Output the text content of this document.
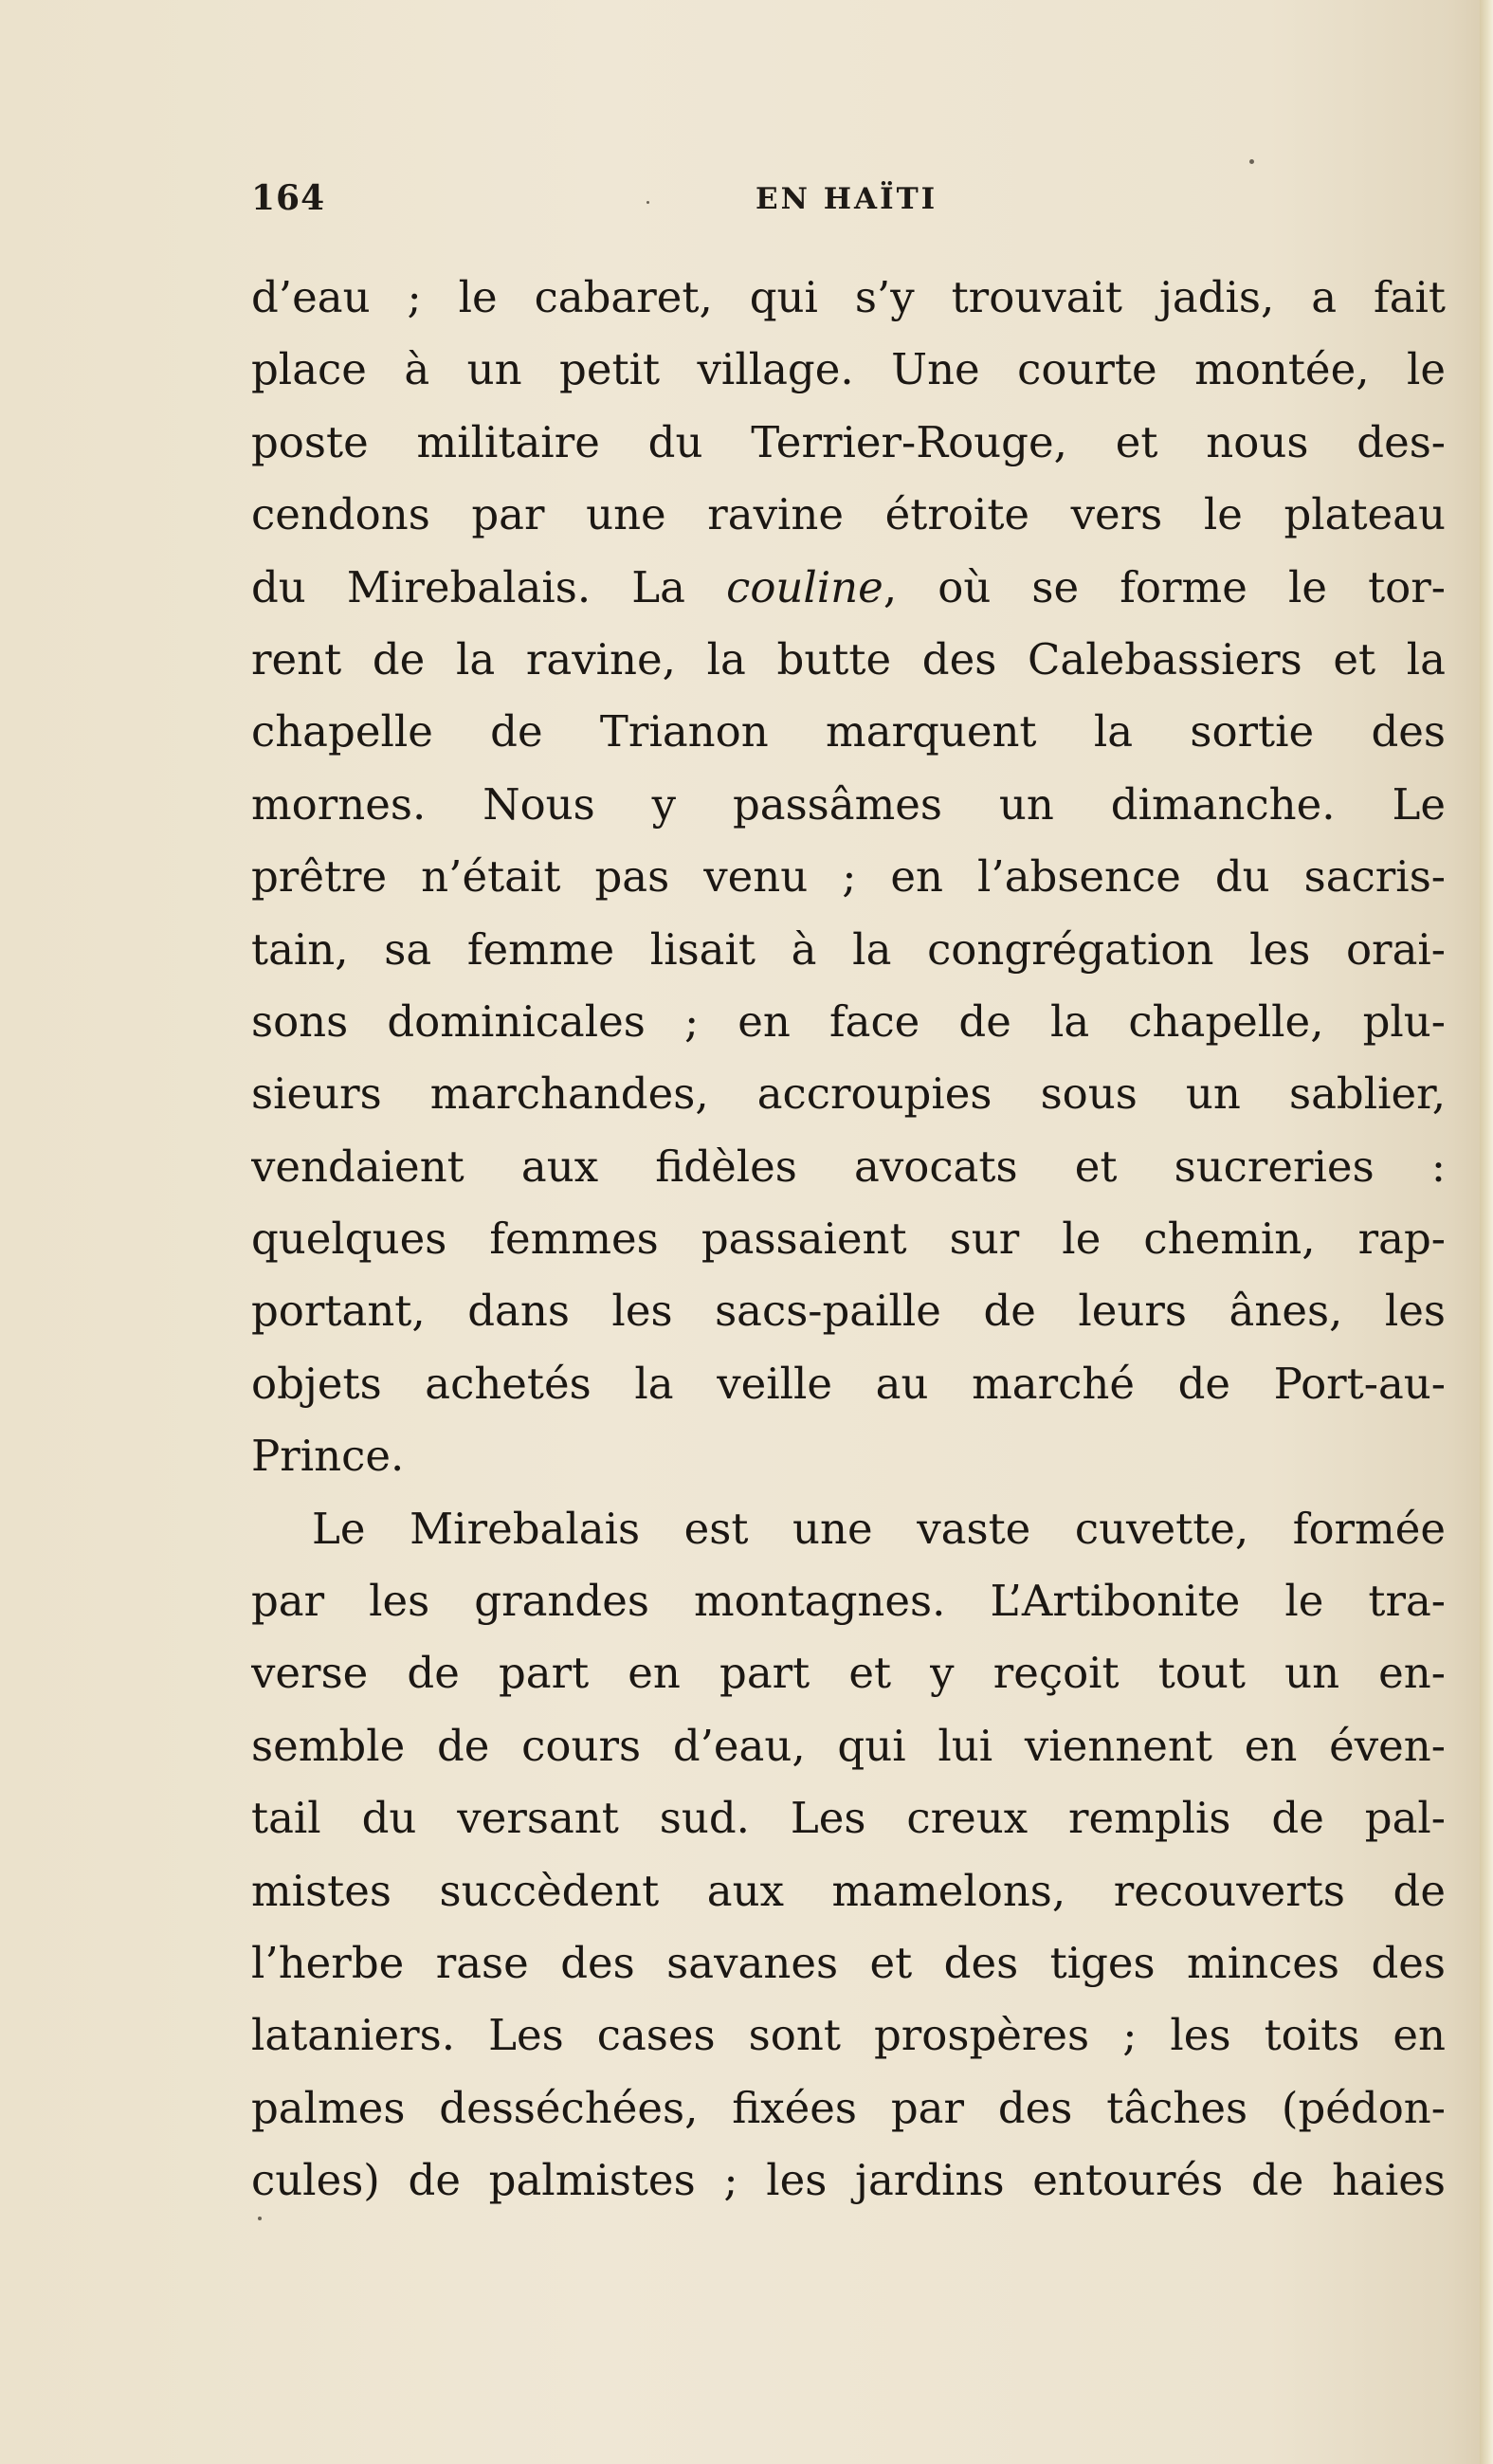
164	EN HAÏTI
d’eau ; le cabaret, qui s’y trouvait jadis, a fait
place à un petit village. Une courte montée, le
poste militaire du Terrier-Rouge, et nous des-
cendons par une ravine étroite vers le plateau
du Mirebalais. La couline, où se forme le tor-
rent de la ravine, la butte des Calebassiers et la
chapelle de Trianon marquent la sortie des
mornes. Nous y passâmes un dimanche. Le
prêtre n’était pas venu ; en l’absence du sacris-
tain, sa femme lisait à la congrégation les orai-
sons dominicales ; en face de la chapelle, plu-
sieurs marchandes, accroupies sous un sablier,
vendaient aux fidèles avocats et sucreries :
quelques femmes passaient sur le chemin, rap-
portant, dans les sacs-paille de leurs ânes, les
objets achetés la veille au marché de Port-au-
Prince.
Le Mirebalais est une vaste cuvette, formée
par les grandes montagnes. L’Artibonite le tra-
verse de part en part et y reçoit tout un en-
semble de cours d’eau, qui lui viennent en éven-
tail du versant sud. Les creux remplis de pal-
mistes succèdent aux mamelons, recouverts de
l’herbe rase des savanes et des tiges minces des
lataniers. Les cases sont prospères ; les toits en
palmes desséchées, fixées par des tâches (pédon-
cules) de palmistes ; les jardins entourés de haies
